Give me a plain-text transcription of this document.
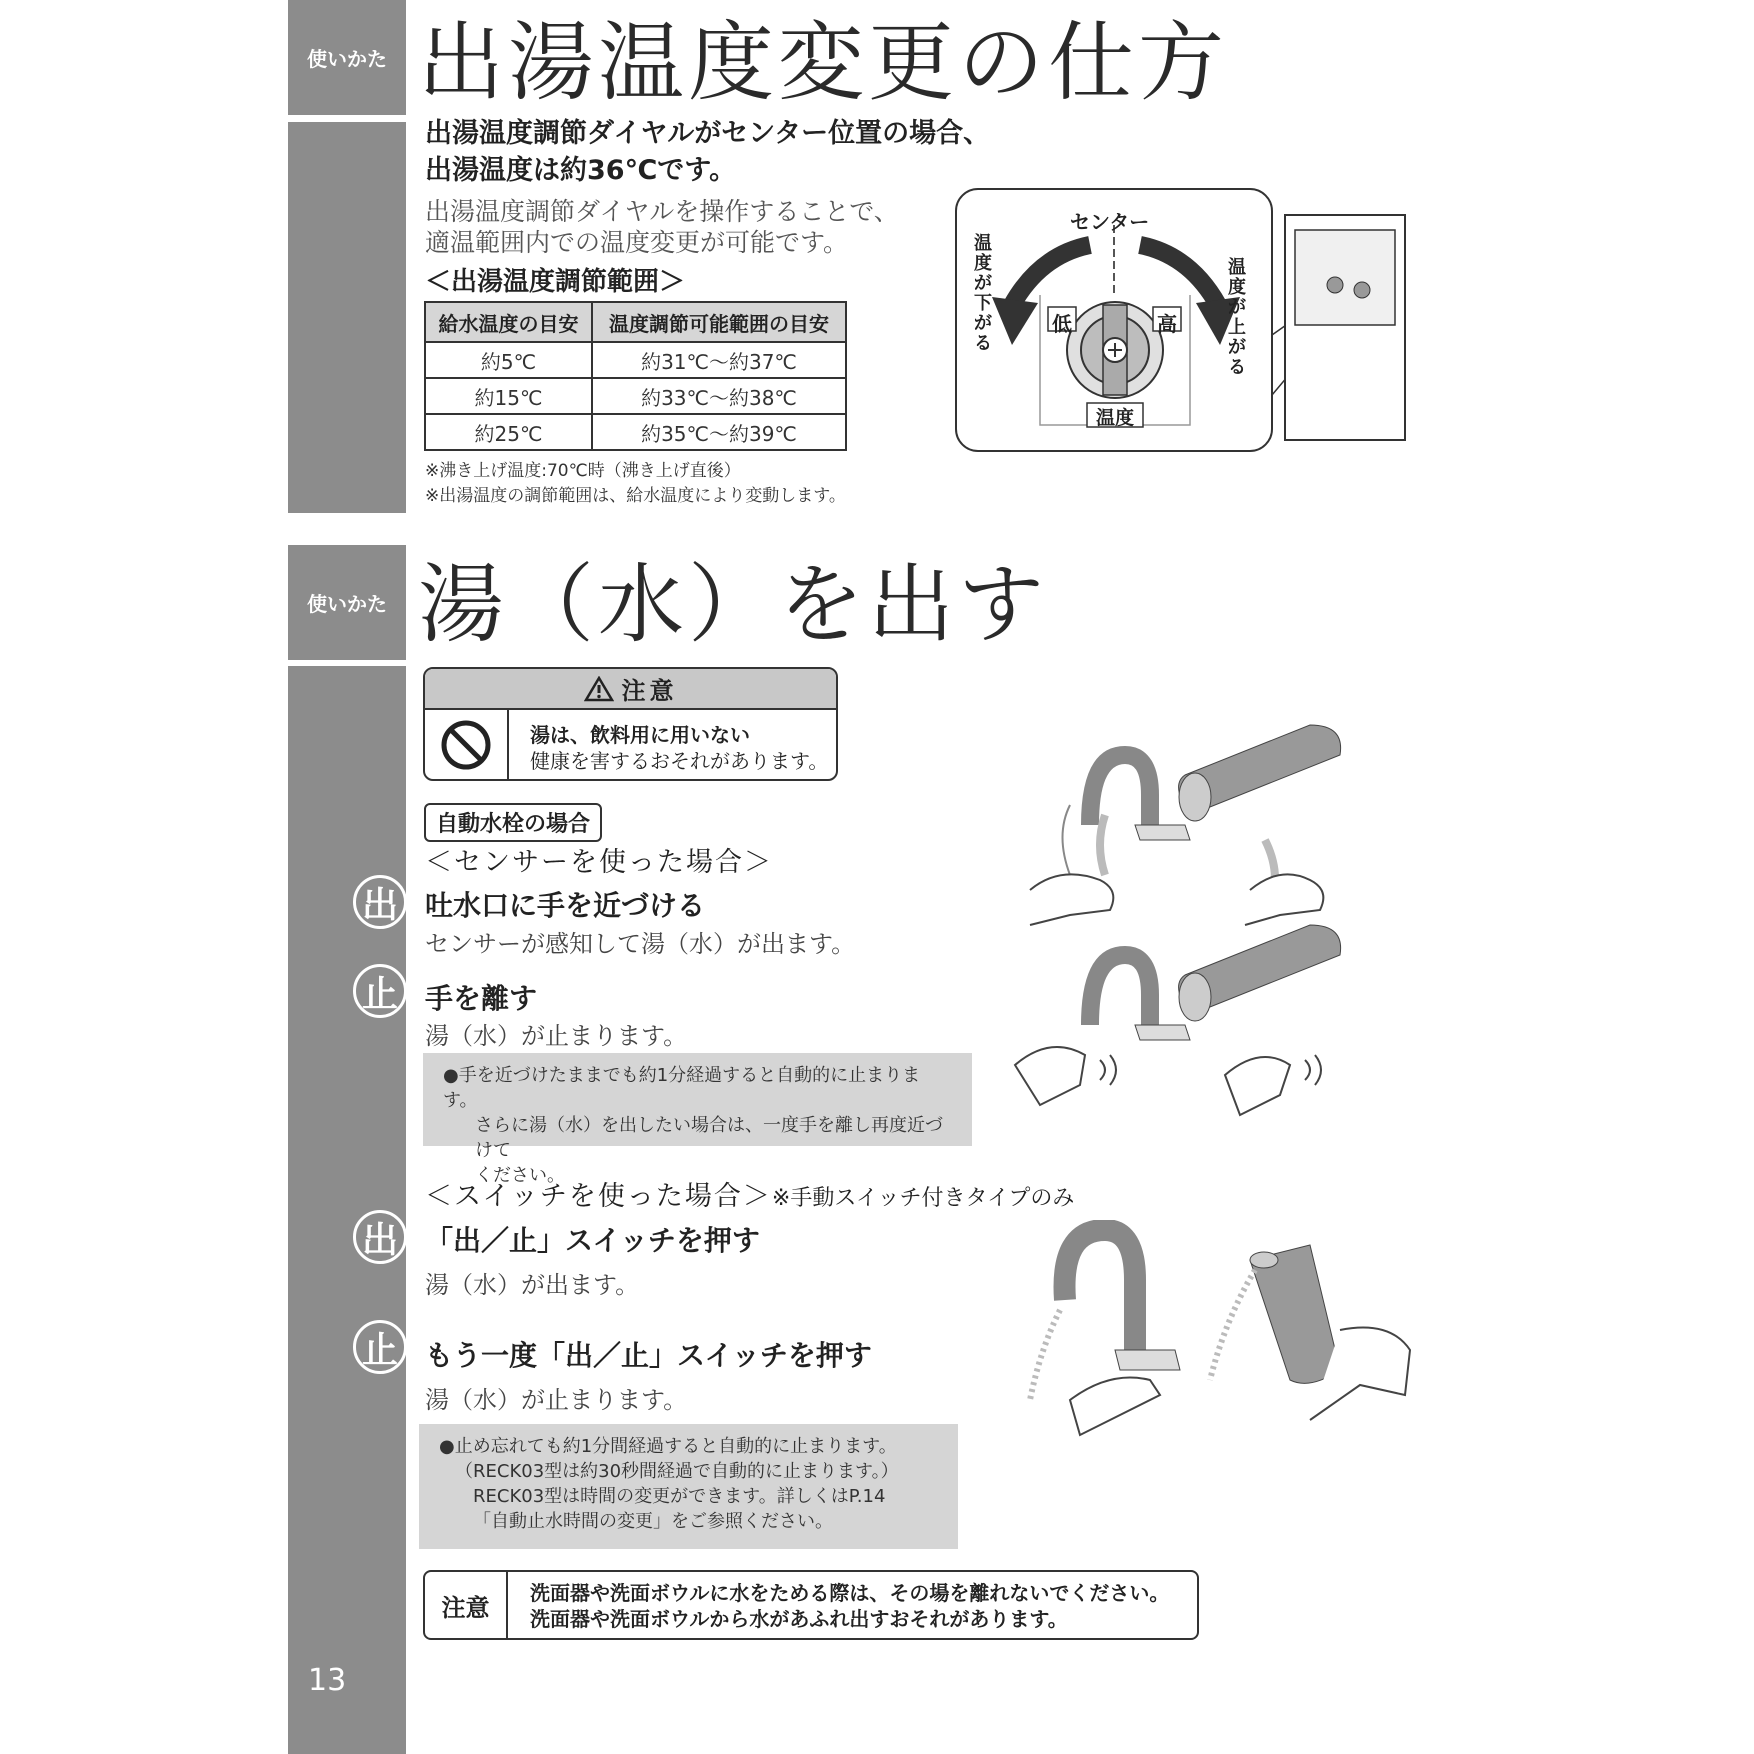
使いかた
使いかた
出湯温度変更の仕方
出湯温度調節ダイヤルがセンター位置の場合、
出湯温度は約36℃です。
出湯温度調節ダイヤルを操作することで、
適温範囲内での温度変更が可能です。
＜出湯温度調節範囲＞
給水温度の目安	温度調節可能範囲の目安
約5℃	約31℃～約37℃
約15℃	約33℃～約38℃
約25℃	約35℃～約39℃
※沸き上げ温度:70℃時（沸き上げ直後）
※出湯温度の調節範囲は、給水温度により変動します。
センター
温度が下がる
温度が上がる
低	高
温度
湯（水）を出す
注意
湯は、飲料用に用いない
健康を害するおそれがあります。
自動水栓の場合
＜センサーを使った場合＞
出 吐水口に手を近づける
センサーが感知して湯（水）が出ます。
止 手を離す
湯（水）が止まります。
●手を近づけたままでも約1分経過すると自動的に止まります。
さらに湯（水）を出したい場合は、一度手を離し再度近づけて
ください。
＜スイッチを使った場合＞※手動スイッチ付きタイプのみ
出 「出／止」スイッチを押す
湯（水）が出ます。
止 もう一度「出／止」スイッチを押す
湯（水）が止まります。
●止め忘れても約1分間経過すると自動的に止まります。
（RECK03型は約30秒間経過で自動的に止まります。）
RECK03型は時間の変更ができます。詳しくはP.14
「自動止水時間の変更」をご参照ください。
注意
洗面器や洗面ボウルに水をためる際は、その場を離れないでください。
洗面器や洗面ボウルから水があふれ出すおそれがあります。
13
